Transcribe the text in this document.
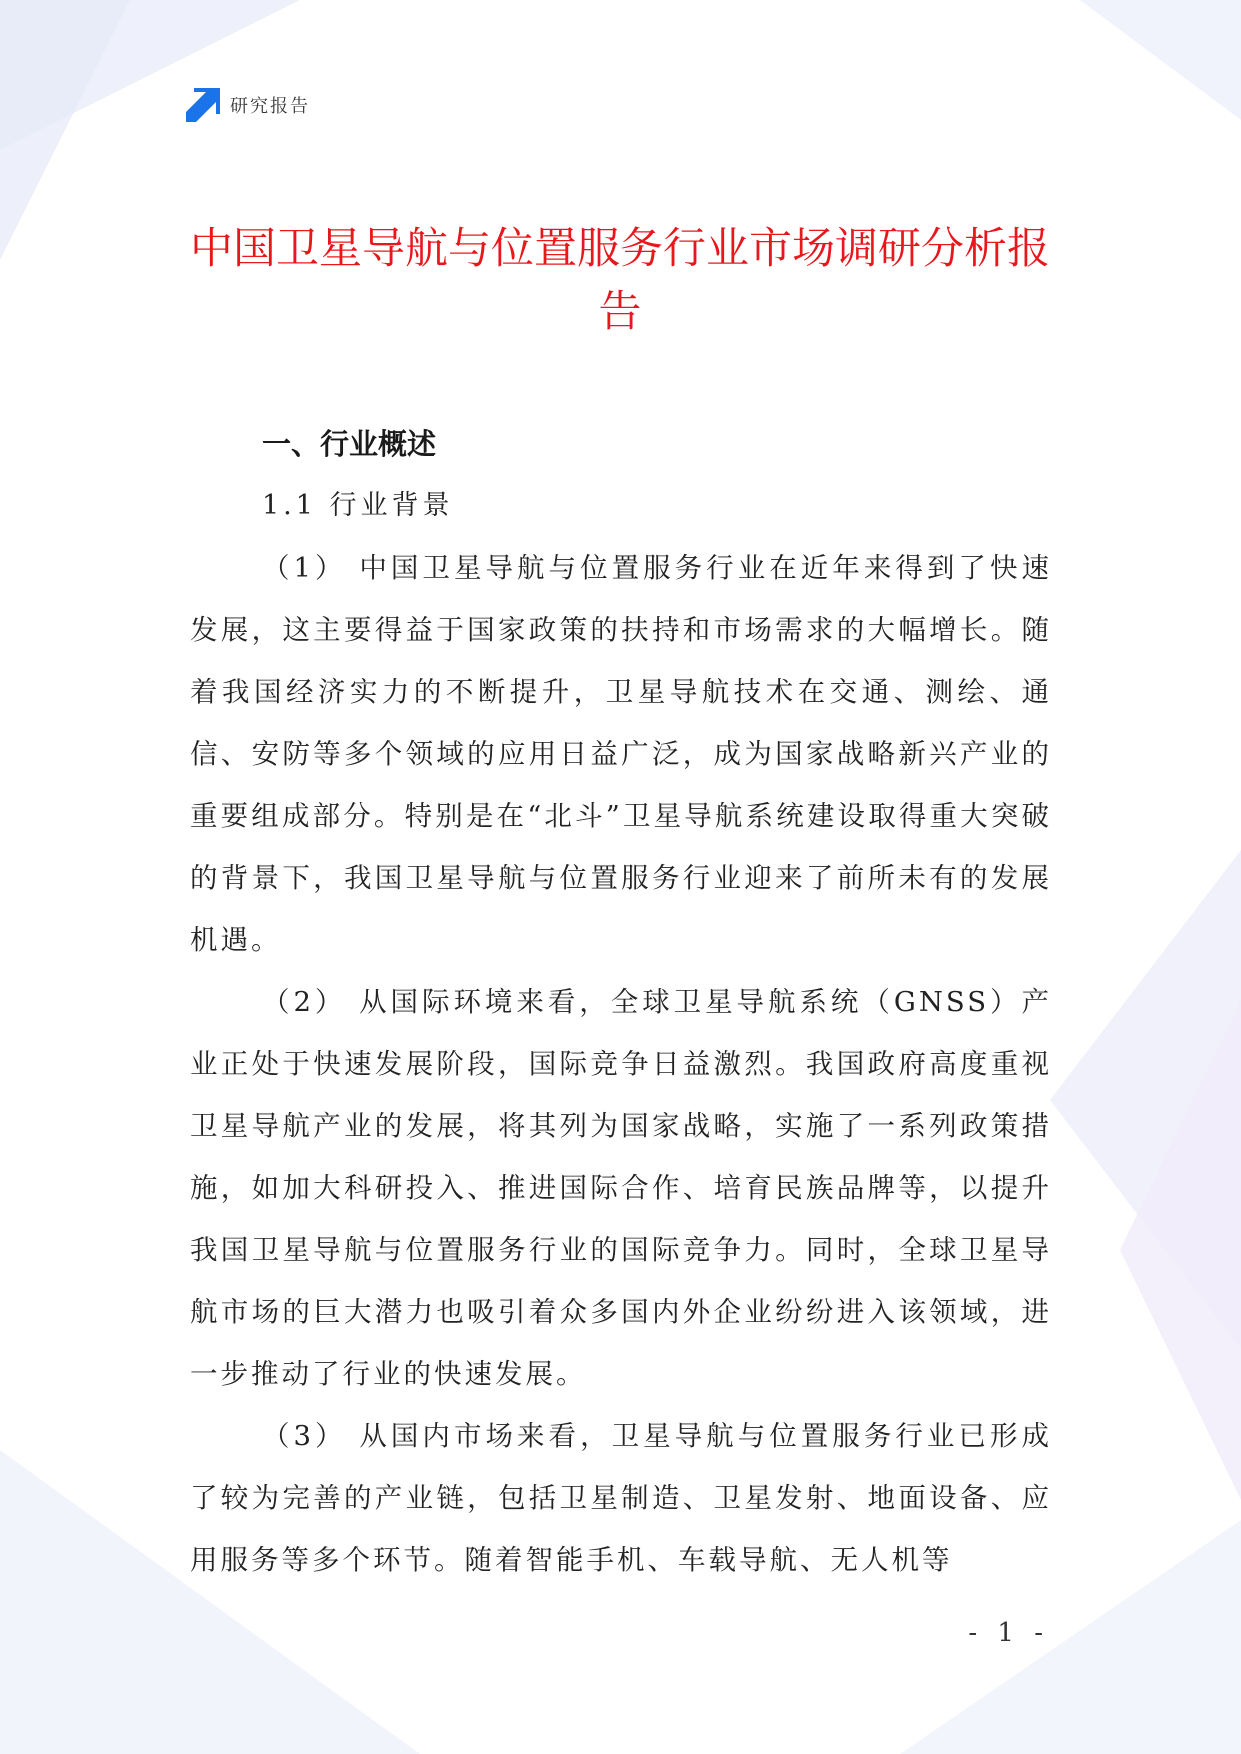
研究报告
中国卫星导航与位置服务行业市场调研分析报告
一、行业概述
1.1 行业背景

（1） 中国卫星导航与位置服务行业在近年来得到了快速发展，这主要得益于国家政策的扶持和市场需求的大幅增长。随着我国经济实力的不断提升，卫星导航技术在交通、测绘、通信、安防等多个领域的应用日益广泛，成为国家战略新兴产业的重要组成部分。特别是在“北斗”卫星导航系统建设取得重大突破的背景下，我国卫星导航与位置服务行业迎来了前所未有的发展机遇。

（2） 从国际环境来看，全球卫星导航系统（GNSS）产业正处于快速发展阶段，国际竞争日益激烈。我国政府高度重视卫星导航产业的发展，将其列为国家战略，实施了一系列政策措施，如加大科研投入、推进国际合作、培育民族品牌等，以提升我国卫星导航与位置服务行业的国际竞争力。同时，全球卫星导航市场的巨大潜力也吸引着众多国内外企业纷纷进入该领域，进一步推动了行业的快速发展。

（3） 从国内市场来看，卫星导航与位置服务行业已形成了较为完善的产业链，包括卫星制造、卫星发射、地面设备、应用服务等多个环节。随着智能手机、车载导航、无人机等

- 1 -
